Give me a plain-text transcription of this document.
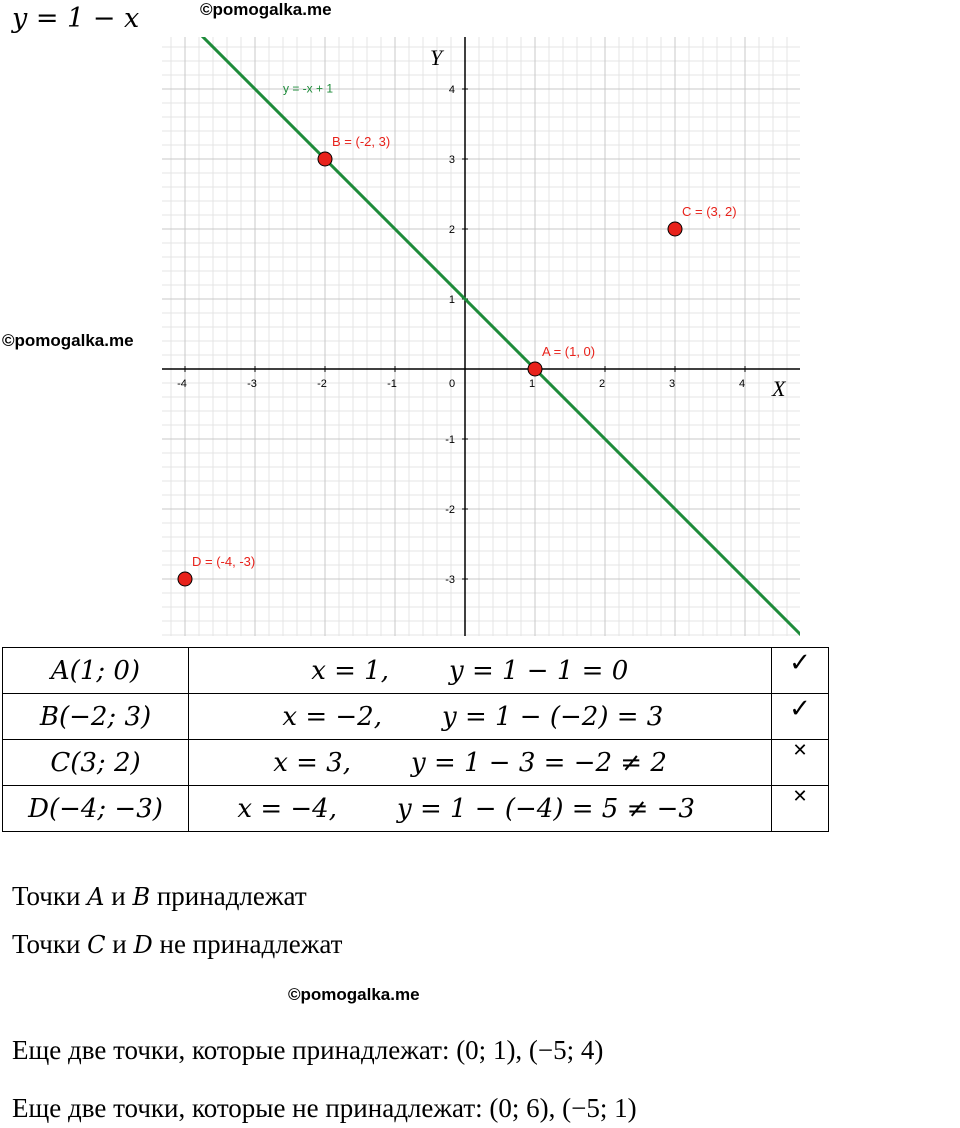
y = 1 − x	©pomogalka.me
©pomogalka.me
-4	-3	-2	-1	0	1	2	3	4
-3
-2
-1
1
2
3
4
X
Y
y = -x + 1
A = (1, 0)
B = (-2, 3)
C = (3, 2)
D = (-4, -3)
A(1; 0)	x = 1, y = 1 − 1 = 0	✓
B(−2; 3)	x = −2, y = 1 − (−2) = 3	✓
C(3; 2)	x = 3, y = 1 − 3 = −2 ≠ 2	✕
D(−4; −3)	x = −4, y = 1 − (−4) = 5 ≠ −3	✕
Точки A и B принадлежат
Точки C и D не принадлежат
©pomogalka.me
Еще две точки, которые принадлежат: (0; 1), (−5; 4)
Еще две точки, которые не принадлежат: (0; 6), (−5; 1)
